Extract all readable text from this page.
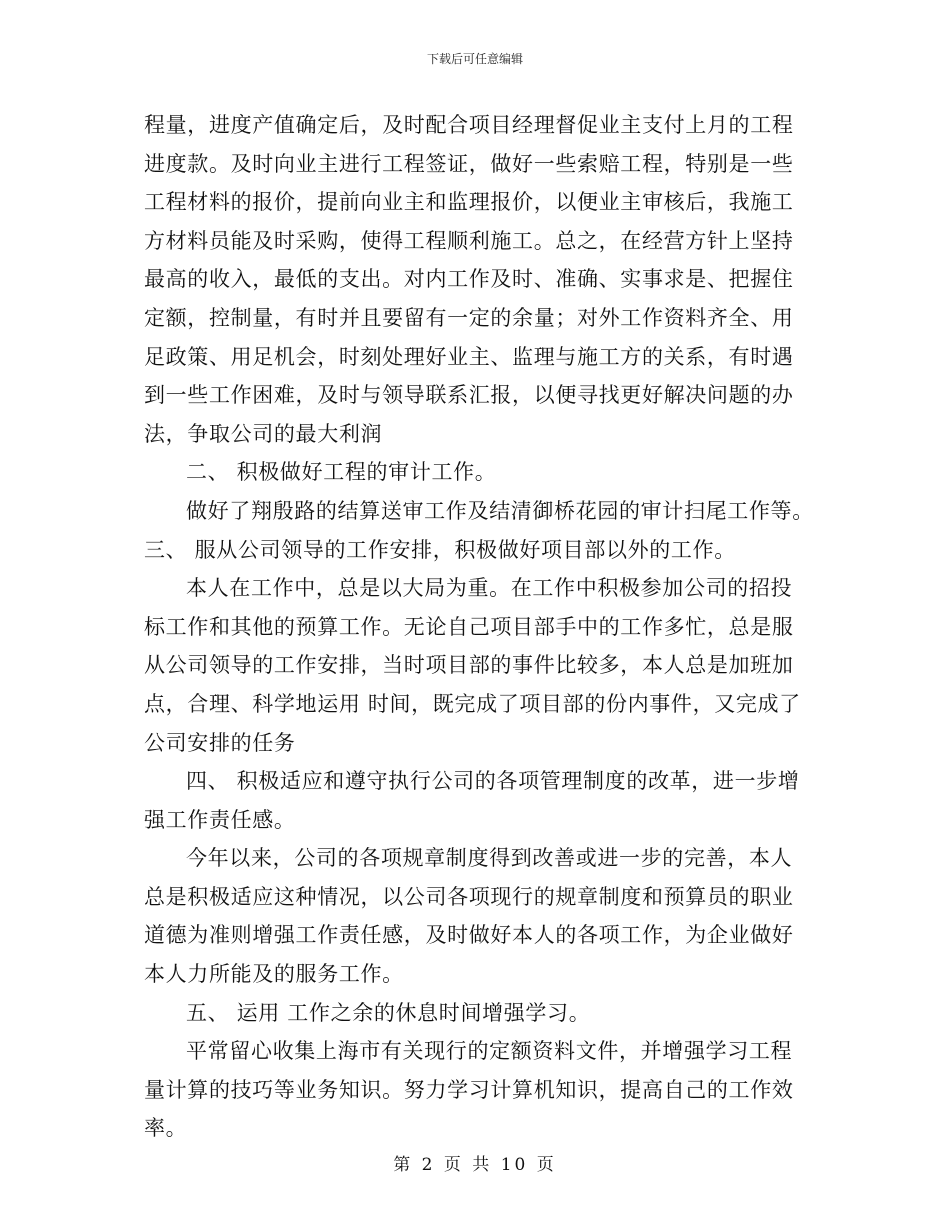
下载后可任意编辑
程量，进度产值确定后，及时配合项目经理督促业主支付上月的工程
进度款。及时向业主进行工程签证，做好一些索赔工程，特别是一些
工程材料的报价，提前向业主和监理报价，以便业主审核后，我施工
方材料员能及时采购，使得工程顺利施工。总之，在经营方针上坚持
最高的收入，最低的支出。对内工作及时、准确、实事求是、把握住
定额，控制量，有时并且要留有一定的余量；对外工作资料齐全、用
足政策、用足机会，时刻处理好业主、监理与施工方的关系，有时遇
到一些工作困难，及时与领导联系汇报，以便寻找更好解决问题的办
法，争取公司的最大利润
二、 积极做好工程的审计工作。
做好了翔殷路的结算送审工作及结清御桥花园的审计扫尾工作等。
三、 服从公司领导的工作安排，积极做好项目部以外的工作。
本人在工作中，总是以大局为重。在工作中积极参加公司的招投
标工作和其他的预算工作。无论自己项目部手中的工作多忙，总是服
从公司领导的工作安排，当时项目部的事件比较多，本人总是加班加
点，合理、科学地运用 时间，既完成了项目部的份内事件，又完成了
公司安排的任务
四、 积极适应和遵守执行公司的各项管理制度的改革，进一步增
强工作责任感。
今年以来，公司的各项规章制度得到改善或进一步的完善，本人
总是积极适应这种情况，以公司各项现行的规章制度和预算员的职业
道德为准则增强工作责任感，及时做好本人的各项工作，为企业做好
本人力所能及的服务工作。
五、 运用 工作之余的休息时间增强学习。
平常留心收集上海市有关现行的定额资料文件，并增强学习工程
量计算的技巧等业务知识。努力学习计算机知识，提高自己的工作效
率。
第 2 页 共 10 页
